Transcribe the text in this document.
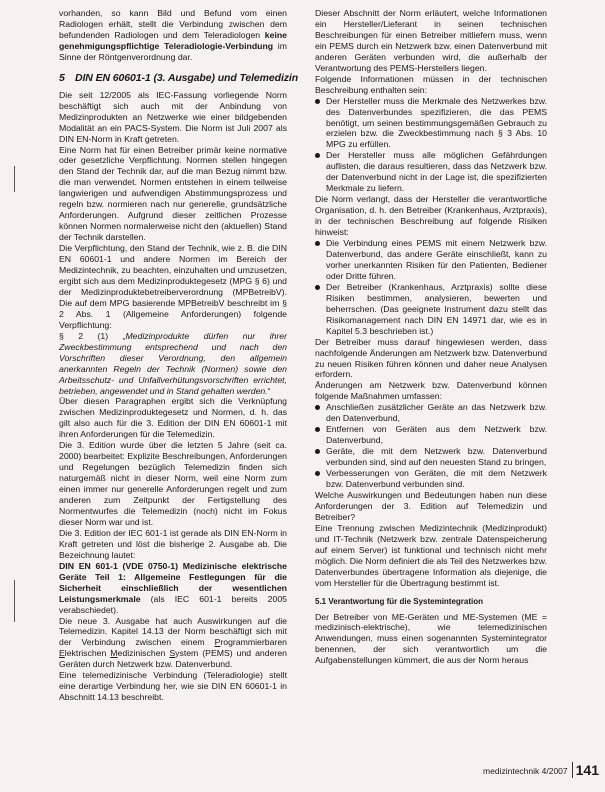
vorhanden, so kann Bild und Befund vom einen Radiologen erhält, stellt die Verbindung zwischen dem befundenden Radiologen und dem Teleradiologen keine genehmigungspflichtige Teleradiologie-Verbindung im Sinne der Röntgenverordnung dar.

5 DIN EN 60601-1 (3. Ausgabe) und Telemedizin

Die seit 12/2005 als IEC-Fassung vorliegende Norm beschäftigt sich auch mit der Anbindung von Medizinprodukten an Netzwerke wie einer bildgebenden Modalität an ein PACS-System. Die Norm ist Juli 2007 als DIN EN-Norm in Kraft getreten.

Eine Norm hat für einen Betreiber primär keine normative oder gesetzliche Verpflichtung. Normen stellen hingegen den Stand der Technik dar, auf die man Bezug nimmt bzw. die man verwendet. Normen entstehen in einem teilweise langwierigen und aufwendigen Abstimmungsprozess und regeln bzw. normieren nach nur generelle, grundsätzliche Anforderungen. Aufgrund dieser zeitlichen Prozesse können Normen normalerweise nicht den (aktuellen) Stand der Technik darstellen.

Die Verpflichtung, den Stand der Technik, wie z. B. die DIN EN 60601-1 und andere Normen im Bereich der Medizintechnik, zu beachten, einzuhalten und umzusetzen, ergibt sich aus dem Medizinproduktegesetz (MPG § 6) und der Medizinproduktebetreiberverordnung (MPBetreibV). Die auf dem MPG basierende MPBetreibV beschreibt im § 2 Abs. 1 (Allgemeine Anforderungen) folgende Verpflichtung:

§ 2 (1) „Medizinprodukte dürfen nur ihrer Zweckbestimmung entsprechend und nach den Vorschriften dieser Verordnung, den allgemein anerkannten Regeln der Technik (Normen) sowie den Arbeitsschutz- und Unfallverhütungsvorschriften errichtet, betrieben, angewendet und in Stand gehalten werden.“

Über diesen Paragraphen ergibt sich die Verknüpfung zwischen Medizinproduktegesetz und Normen, d. h. das gilt also auch für die 3. Edition der DIN EN 60601-1 mit ihren Anforderungen für die Telemedizin.

Die 3. Edition wurde über die letzten 5 Jahre (seit ca. 2000) bearbeitet: Explizite Beschreibungen, Anforderungen und Regelungen bezüglich Telemedizin finden sich naturgemäß nicht in dieser Norm, weil eine Norm zum einen immer nur generelle Anforderungen regelt und zum anderen zum Zeitpunkt der Fertigstellung des Normentwurfes die Telemedizin (noch) nicht im Fokus dieser Norm war und ist.

Die 3. Edition der IEC 601-1 ist gerade als DIN EN-Norm in Kraft getreten und löst die bisherige 2. Ausgabe ab. Die Bezeichnung lautet:

DIN EN 601-1 (VDE 0750-1) Medizinische elektrische Geräte Teil 1: Allgemeine Festlegungen für die Sicherheit einschließlich der wesentlichen Leistungsmerkmale (als IEC 601-1 bereits 2005 verabschiedet).

Die neue 3. Ausgabe hat auch Auswirkungen auf die Telemedizin. Kapitel 14.13 der Norm beschäftigt sich mit der Verbindung zwischen einem Programmierbaren Elektrischen Medizinischen System (PEMS) und anderen Geräten durch Netzwerk bzw. Datenverbund.

Eine telemedizinische Verbindung (Teleradiologie) stellt eine derartige Verbindung her, wie sie DIN EN 60601-1 in Abschnitt 14.13 beschreibt.

Dieser Abschnitt der Norm erläutert, welche Informationen ein Hersteller/Lieferant in seinen technischen Beschreibungen für einen Betreiber mitliefern muss, wenn ein PEMS durch ein Netzwerk bzw. einen Datenverbund mit anderen Geräten verbunden wird, die außerhalb der Verantwortung des PEMS-Herstellers liegen.

Folgende Informationen müssen in der technischen Beschreibung enthalten sein:

Der Hersteller muss die Merkmale des Netzwerkes bzw. des Datenverbundes spezifizieren, die das PEMS benötigt, um seinen bestimmungsgemäßen Gebrauch zu erzielen bzw. die Zweckbestimmung nach § 3 Abs. 10 MPG zu erfüllen.
Der Hersteller muss alle möglichen Gefährdungen auflisten, die daraus resultieren, dass das Netzwerk bzw. der Datenverbund nicht in der Lage ist, die spezifizierten Merkmale zu liefern.

Die Norm verlangt, dass der Hersteller die verantwortliche Organisation, d. h. den Betreiber (Krankenhaus, Arztpraxis), in der technischen Beschreibung auf folgende Risiken hinweist:

Die Verbindung eines PEMS mit einem Netzwerk bzw. Datenverbund, das andere Geräte einschließt, kann zu vorher unerkannten Risiken für den Patienten, Bediener oder Dritte führen.
Der Betreiber (Krankenhaus, Arztpraxis) sollte diese Risiken bestimmen, analysieren, bewerten und beherrschen. (Das geeignete Instrument dazu stellt das Risikomanagement nach DIN EN 14971 dar, wie es in Kapitel 5.3 beschrieben ist.)

Der Betreiber muss darauf hingewiesen werden, dass nachfolgende Änderungen am Netzwerk bzw. Datenverbund zu neuen Risiken führen können und daher neue Analysen erfordern.

Änderungen am Netzwerk bzw. Datenverbund können folgende Maßnahmen umfassen:

Anschließen zusätzlicher Geräte an das Netzwerk bzw. den Datenverbund,
Entfernen von Geräten aus dem Netzwerk bzw. Datenverbund,
Geräte, die mit dem Netzwerk bzw. Datenverbund verbunden sind, sind auf den neuesten Stand zu bringen,
Verbesserungen von Geräten, die mit dem Netzwerk bzw. Datenverbund verbunden sind.

Welche Auswirkungen und Bedeutungen haben nun diese Anforderungen der 3. Edition auf Telemedizin und Betreiber?

Eine Trennung zwischen Medizintechnik (Medizinprodukt) und IT-Technik (Netzwerk bzw. zentrale Datenspeicherung auf einem Server) ist funktional und technisch nicht mehr möglich. Die Norm definiert die als Teil des Netzwerkes bzw. Datenverbundes übertragene Information als diejenige, die vom Hersteller für die Übertragung bestimmt ist.

5.1 Verantwortung für die Systemintegration

Der Betreiber von ME-Geräten und ME-Systemen (ME = medizinisch-elektrische), wie telemedizinischen Anwendungen, muss einen sogenannten Systemintegrator benennen, der sich verantwortlich um die Aufgabenstellungen kümmert, die aus der Norm heraus

medizintechnik 4/2007 141
